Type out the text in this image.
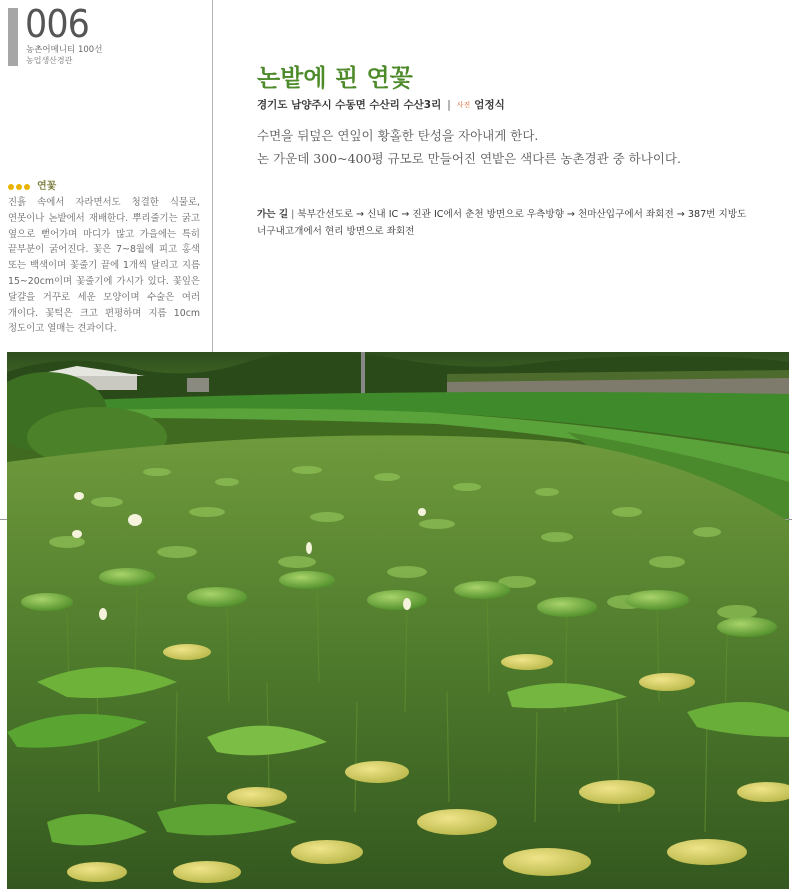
006
농촌어메니티 100선
농업생산경관
연꽃

진흙 속에서 자라면서도 청결한 식물로, 연못이나 논밭에서 재배한다. 뿌리줄기는 굵고 옆으로 뻗어가며 마디가 많고 가을에는 특히 끝부분이 굵어진다. 꽃은 7~8월에 피고 홍색 또는 백색이며 꽃줄기 끝에 1개씩 달리고 지름 15~20cm이며 꽃줄기에 가시가 있다. 꽃잎은 달걀을 거꾸로 세운 모양이며 수술은 여러 개이다. 꽃턱은 크고 편평하며 지름 10cm 정도이고 열매는 견과이다.

논밭에 핀 연꽃
경기도 남양주시 수동면 수산리 수산3리 | 사진 엄정식
수면을 뒤덮은 연잎이 황홀한 탄성을 자아내게 한다.
논 가운데 300~400평 규모로 만들어진 연밭은 색다른 농촌경관 중 하나이다.

가는 길 | 북부간선도로 → 신내 IC → 진관 IC에서 춘천 방면으로 우측방향 → 천마산입구에서 좌회전 → 387번 지방도 너구내고개에서 현리 방면으로 좌회전
